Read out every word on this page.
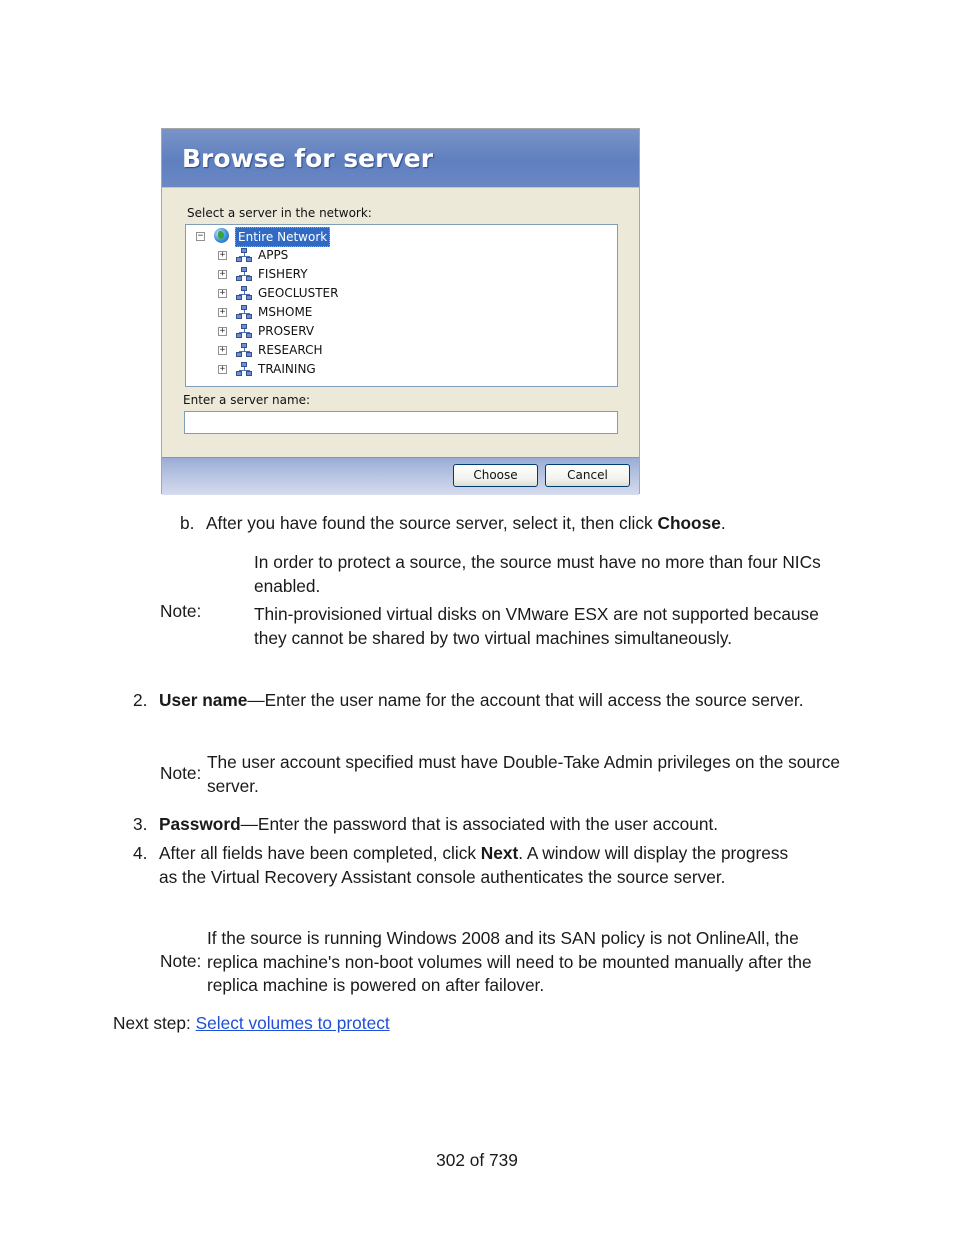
Browse for server
Select a server in the network:
−	Entire Network
+	APPS
+	FISHERY
+	GEOCLUSTER
+	MSHOME
+	PROSERV
+	RESEARCH
+	TRAINING
Enter a server name:
Choose	Cancel
b. After you have found the source server, select it, then click Choose.
Note:
In order to protect a source, the source must have no more than four NICs enabled.
Thin-provisioned virtual disks on VMware ESX are not supported because they cannot be shared by two virtual machines simultaneously.
2. User name—Enter the user name for the account that will access the source server.
Note:
The user account specified must have Double-Take Admin privileges on the source server.
3. Password—Enter the password that is associated with the user account.
4. After all fields have been completed, click Next. A window will display the progress as the Virtual Recovery Assistant console authenticates the source server.
Note:
If the source is running Windows 2008 and its SAN policy is not OnlineAll, the replica machine's non-boot volumes will need to be mounted manually after the replica machine is powered on after failover.
Next step: Select volumes to protect
302 of 739
